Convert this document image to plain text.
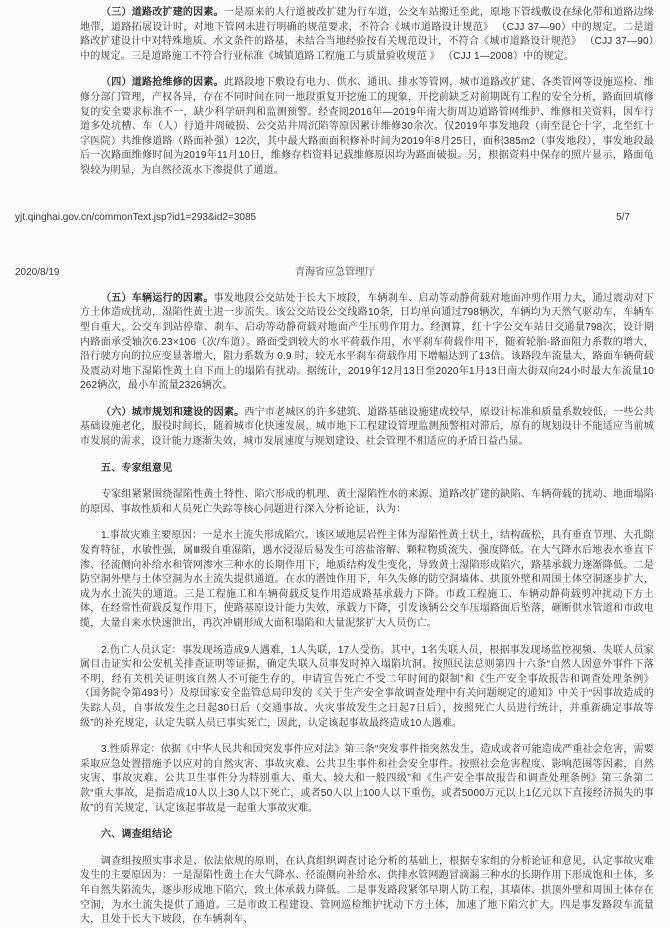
（三）道路改扩建的因素。一是原来的人行道被改扩建为行车道，公交车站搬迁至此，原地下管线敷设在绿化带和道路边缘地带，道路拓展设计时，对地下管网未进行明确的规范要求，不符合《城市道路设计规范》 （CJJ 37—90）中的规定。二是道路改扩建设计中对特殊地质、水文条件的路基，未结合当地经验按有关规范设计，不符合《城市道路设计规范》 （CJJ 37—90）中的规定。三是道路施工不符合行业标准《城镇道路工程施工与质量验收规范 》 （CJJ 1—2008）中的规定。

（四）道路抢维修的因素。此路段地下敷设有电力、供水、通讯、排水等管网，城市道路改扩建、各类管网等设施巡检、维修分部门管理，产权各异，存在不同时间在同一地段重复开挖施工的现象，开挖前缺乏对前期既有工程的安全分析，路面回填修复的安全要求标准不一，缺少科学研判和监测预警。经查阅2016年—2019年南大街周边道路管网维护、维修相关资料，因车行道多处坑槽、车（人）行道井周破损、公交站井周沉陷等原因累计维修30余次。仅2019年事发地段（南至昆仑十字，北至红十字医院）共维修道路（路面补强）12次，其中最大路面面积修补时间为2019年8月25日，面积385m2（事发地段），事发地段最后一次路面维修时间为2019年11月10日，维修存档资料记载维修原因均为路面破损。另，根据资料中保存的照片显示，路面龟裂较为明显，为自然径流水下渗提供了通道。

yjt.qinghai.gov.cn/commonText.jsp?id1=293&id2=3085	5/7
2020/8/19	青海省应急管理厅

（五）车辆运行的因素。事发地段公交站处于长大下坡段，车辆刹车、启动等动静荷载对地面冲剪作用力大，通过震动对下方土体造成扰动，湿陷性黄土进一步流失。该公交站设公交线路10条，日均单向通过798辆次，车辆均为天然气驱动车，车辆车型自重大，公交车到站停靠、刹车、启动等动静荷载对地面产生压剪作用力。经测算，红十字公交车站日交通量798次，设计期内路面承受轴次6.23×106（次/车道）。路面受到较大的水平荷载作用，水平刹车荷载作用下，随着轮胎-路面阻力系数的增大，沿行驶方向的拉应变显著增大，阻力系数为 0.9 时，较无水平刹车荷载作用下增幅达到了13倍。该路段车流量大，路面车辆荷载及震动对地下湿陷性黄土自下而上的塌陷有扰动。据统计，2019年12月13日至2020年1月13日南大街双向24小时最大车流量10262辆次，最小车流量2326辆次。

（六）城市规划和建设的因素。西宁市老城区的许多建筑、道路基础设施建成较早，原设计标准和质量系数较低，一些公共基础设施老化，服役时间长，随着城市化快速发展，城市地下工程建设管理监测预警相对滞后，原有的规划设计不能适应当前城市发展的需求，设计能力逐渐失效，城市发展速度与规划建设、社会管理不相适应的矛盾日益凸显。

五、专家组意见

专家组紧紧围绕湿陷性黄土特性、陷穴形成的机理、黄土湿陷性水的来源、道路改扩建的缺陷、车辆荷载的扰动、地面塌陷的原因、事故性质和人员死亡失踪等核心问题进行深入分析论证，认为：

1.事故灾难主要原因：一是水土流失形成陷穴。该区域地层岩性主体为湿陷性黄土状土，结构疏松，具有垂直节理、大孔隙发育特征，水敏性强，属Ⅲ级自重湿陷，遇水浸湿后易发生可溶盐溶解、颗粒物质流失、强度降低。在大气降水后地表水垂直下渗、径流侧向补给水和管网渗水三种水的长期作用下，地质结构发生变化，导致黄土湿陷形成陷穴，路基承载力逐渐降低。二是防空洞外壁与土体空洞为水土流失提供通道。在水的潜蚀作用下，年久失修的防空洞墙体、拱顶外壁和周围土体空洞逐步扩大，成为水土流失的通道。三是工程施工和车辆荷载反复作用造成路基承载力下降。市政工程施工、车辆动静荷载剪冲扰动下方土体，在经常性荷载反复作用下，使路基原设计能力失效，承载力下降，引发该辆公交车压塌路面后坠落，砸断供水管道和市政电缆，大量自来水快速泄出，再次冲刷形成大面积塌陷和大量泥浆扩大人员伤亡。

2.伤亡人员认定：事发现场造成9人遇难，1人失联，17人受伤。其中，1名失联人员，根据事发现场监控视频、失联人员家属目击证实和公安机关排查证明等证据，确定失联人员事发时掉入塌陷坑洞。按照民法总则第四十六条“自然人因意外事件下落不明，经有关机关证明该自然人不可能生存的，申请宣告死亡不受二年时间的限制”和《生产安全事故报告和调查处理条例》 （国务院令第493号）及原国家安全监管总局印发的《关于生产安全事故调查处理中有关问题规定的通知》中关于“因事故造成的失踪人员，自事故发生之日起30日后（交通事故、火灾事故发生之日起7日后），按照死亡人员进行统计，并重新确定事故等级”的补充规定，认定失联人员已事实死亡，因此，认定该起事故最终造成10人遇难。

3.性质界定：依据《中华人民共和国突发事件应对法》第三条“突发事件指突然发生，造成或者可能造成严重社会危害，需要采取应急处置措施予以应对的自然灾害、事故灾难、公共卫生事件和社会安全事件。按照社会危害程度、影响范围等因素，自然灾害、事故灾难、公共卫生事件分为特别重大、重大、较大和一般四级”和《生产安全事故报告和调查处理条例》第三条第二款“重大事故，是指造成10人以上30人以下死亡，或者50人以上100人以下重伤，或者5000万元以上1亿元以下直接经济损失的事故”的有关规定，认定该起事故是一起重大事故灾难。

六、调查组结论

调查组按照实事求是、依法依规的原则，在认真组织调查讨论分析的基础上，根据专家组的分析论证和意见，认定事故灾难发生的主要原因为：一是湿陷性黄土在大气降水、径流侧向补给水、供排水管网跑冒滴漏三种水的长期作用下形成饱和土体，多年自然失陷流失，逐步形成地下陷穴，致土体承载力降低。二是事发路段紧邻早期人防工程，其墙体、拱顶外壁和周围土体存在空洞，为水土流失提供了通道。三是市政工程建设、管网巡检维护扰动下方土体，加速了地下陷穴扩大。四是事发路段车流量大，且处于长大下坡段，在车辆刹车、
